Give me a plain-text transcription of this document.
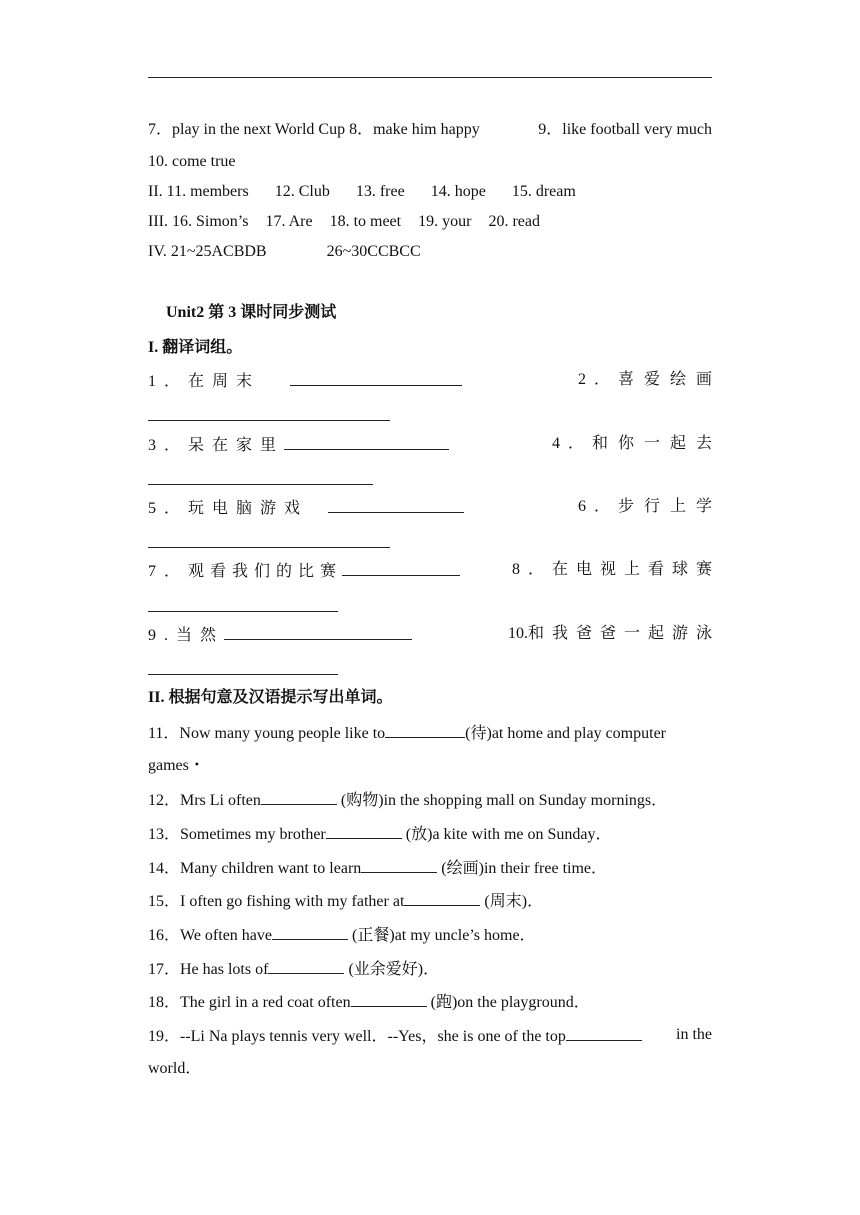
7．play in the next World Cup 8．make him happy	9．like football very much
10. come true
II. 11. members 12. Club 13. free 14. hope 15. dream
III. 16. Simon’s 17. Are 18. to meet 19. your 20. read
IV. 21~25ACBDB	26~30CCBCC
Unit2 第 3 课时同步测试
I. 翻译词组。
1．在周末	2．喜爱绘画
3．呆在家里	4．和你一起去
5．玩电脑游戏	6．步行上学
7．观看我们的比赛	8．在电视上看球赛
9.当然	10.和我爸爸一起游泳
II. 根据句意及汉语提示写出单词。
11．Now many young people like to	(待)at home and play computer
games・
12．Mrs Li often	(购物)in the shopping mall on Sunday mornings．
13．Sometimes my brother	(放)a kite with me on Sunday．
14．Many children want to learn	(绘画)in their free time．
15．I often go fishing with my father at	(周末)．
16．We often have	(正餐)at my uncle’s home．
17．He has lots of	(业余爱好)．
18．The girl in a red coat often	(跑)on the playground．
19．--Li Na plays tennis very well．--Yes，she is one of the top	in the
world．
